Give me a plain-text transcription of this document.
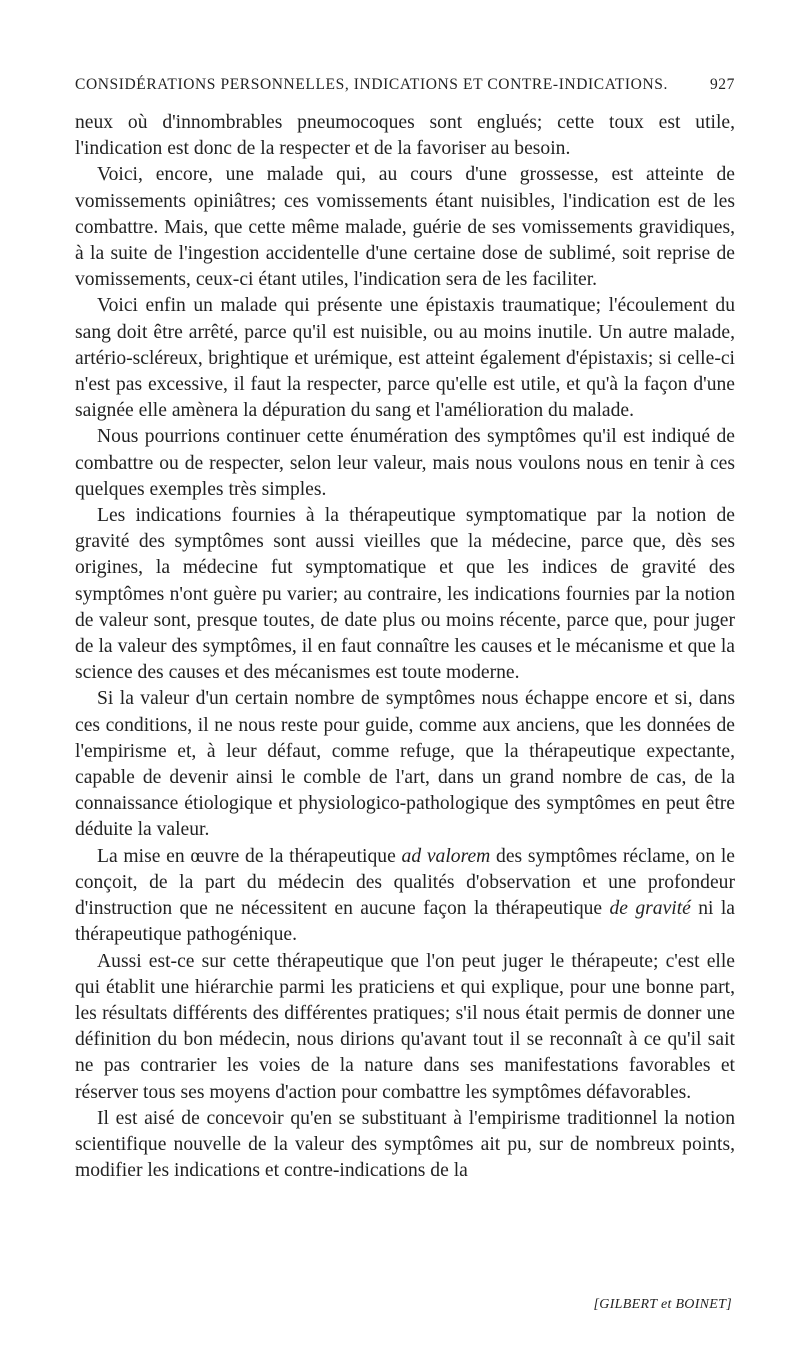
CONSIDÉRATIONS PERSONNELLES, INDICATIONS ET CONTRE-INDICATIONS.	927

neux où d'innombrables pneumocoques sont englués; cette toux est utile, l'indication est donc de la respecter et de la favoriser au besoin.

Voici, encore, une malade qui, au cours d'une grossesse, est atteinte de vomissements opiniâtres; ces vomissements étant nuisibles, l'indication est de les combattre. Mais, que cette même malade, guérie de ses vomissements gravidiques, à la suite de l'ingestion accidentelle d'une certaine dose de sublimé, soit reprise de vomissements, ceux-ci étant utiles, l'indication sera de les faciliter.

Voici enfin un malade qui présente une épistaxis traumatique; l'écoulement du sang doit être arrêté, parce qu'il est nuisible, ou au moins inutile. Un autre malade, artério-scléreux, brightique et urémique, est atteint également d'épistaxis; si celle-ci n'est pas excessive, il faut la respecter, parce qu'elle est utile, et qu'à la façon d'une saignée elle amènera la dépuration du sang et l'amélioration du malade.

Nous pourrions continuer cette énumération des symptômes qu'il est indiqué de combattre ou de respecter, selon leur valeur, mais nous voulons nous en tenir à ces quelques exemples très simples.

Les indications fournies à la thérapeutique symptomatique par la notion de gravité des symptômes sont aussi vieilles que la médecine, parce que, dès ses origines, la médecine fut symptomatique et que les indices de gravité des symptômes n'ont guère pu varier; au contraire, les indications fournies par la notion de valeur sont, presque toutes, de date plus ou moins récente, parce que, pour juger de la valeur des symptômes, il en faut connaître les causes et le mécanisme et que la science des causes et des mécanismes est toute moderne.

Si la valeur d'un certain nombre de symptômes nous échappe encore et si, dans ces conditions, il ne nous reste pour guide, comme aux anciens, que les données de l'empirisme et, à leur défaut, comme refuge, que la thérapeutique expectante, capable de devenir ainsi le comble de l'art, dans un grand nombre de cas, de la connaissance étiologique et physiologico-pathologique des symptômes en peut être déduite la valeur.

La mise en œuvre de la thérapeutique ad valorem des symptômes réclame, on le conçoit, de la part du médecin des qualités d'observation et une profondeur d'instruction que ne nécessitent en aucune façon la thérapeutique de gravité ni la thérapeutique pathogénique.

Aussi est-ce sur cette thérapeutique que l'on peut juger le thérapeute; c'est elle qui établit une hiérarchie parmi les praticiens et qui explique, pour une bonne part, les résultats différents des différentes pratiques; s'il nous était permis de donner une définition du bon médecin, nous dirions qu'avant tout il se reconnaît à ce qu'il sait ne pas contrarier les voies de la nature dans ses manifestations favorables et réserver tous ses moyens d'action pour combattre les symptômes défavorables.

Il est aisé de concevoir qu'en se substituant à l'empirisme traditionnel la notion scientifique nouvelle de la valeur des symptômes ait pu, sur de nombreux points, modifier les indications et contre-indications de la

[GILBERT et BOINET]
